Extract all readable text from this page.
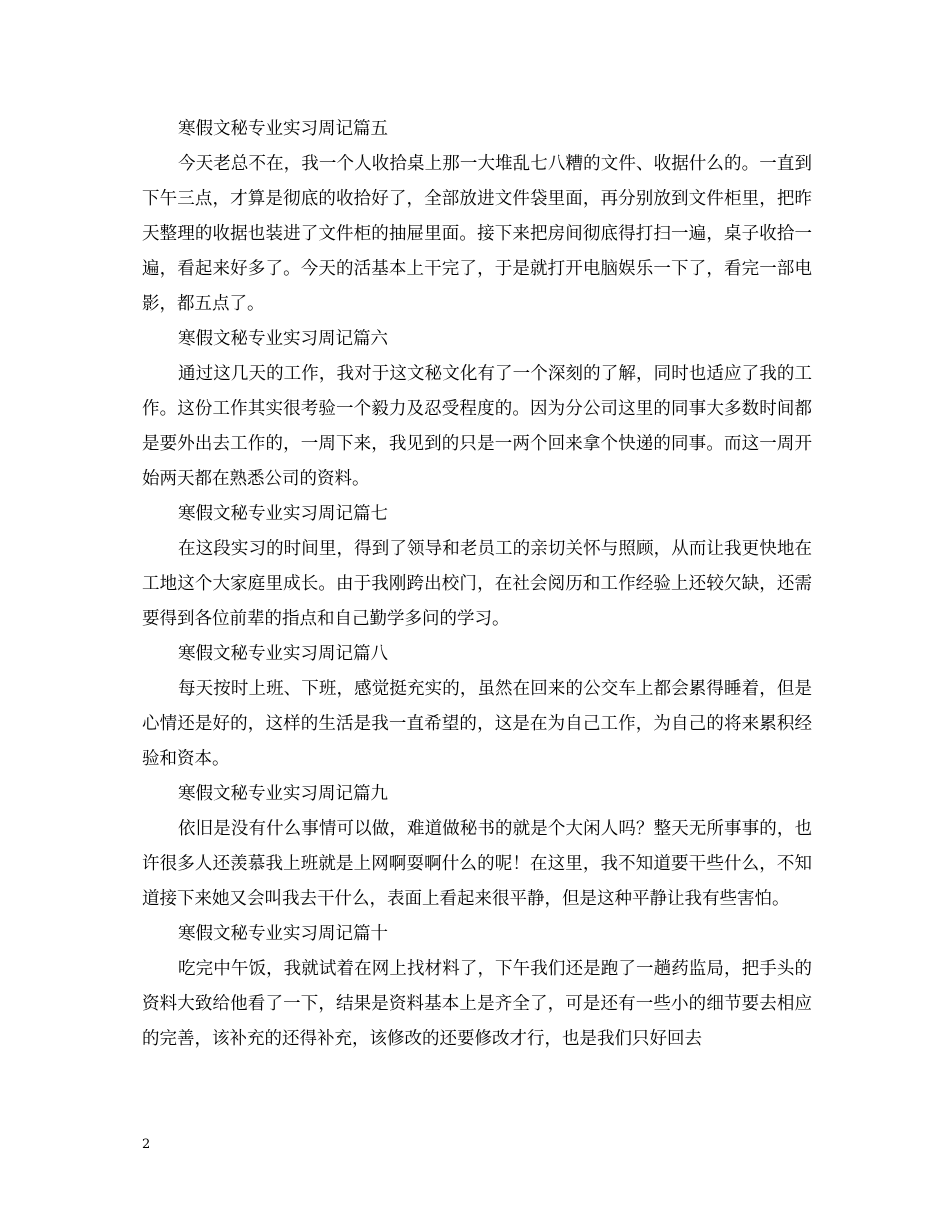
寒假文秘专业实习周记篇五

今天老总不在，我一个人收拾桌上那一大堆乱七八糟的文件、收据什么的。一直到下午三点，才算是彻底的收拾好了，全部放进文件袋里面，再分别放到文件柜里，把昨天整理的收据也装进了文件柜的抽屉里面。接下来把房间彻底得打扫一遍，桌子收拾一遍，看起来好多了。今天的活基本上干完了，于是就打开电脑娱乐一下了，看完一部电影，都五点了。

寒假文秘专业实习周记篇六

通过这几天的工作，我对于这文秘文化有了一个深刻的了解，同时也适应了我的工作。这份工作其实很考验一个毅力及忍受程度的。因为分公司这里的同事大多数时间都是要外出去工作的，一周下来，我见到的只是一两个回来拿个快递的同事。而这一周开始两天都在熟悉公司的资料。

寒假文秘专业实习周记篇七

在这段实习的时间里，得到了领导和老员工的亲切关怀与照顾，从而让我更快地在工地这个大家庭里成长。由于我刚跨出校门，在社会阅历和工作经验上还较欠缺，还需要得到各位前辈的指点和自己勤学多问的学习。

寒假文秘专业实习周记篇八

每天按时上班、下班，感觉挺充实的，虽然在回来的公交车上都会累得睡着，但是心情还是好的，这样的生活是我一直希望的，这是在为自己工作，为自己的将来累积经验和资本。

寒假文秘专业实习周记篇九

依旧是没有什么事情可以做，难道做秘书的就是个大闲人吗？整天无所事事的，也许很多人还羡慕我上班就是上网啊耍啊什么的呢！在这里，我不知道要干些什么，不知道接下来她又会叫我去干什么，表面上看起来很平静，但是这种平静让我有些害怕。

寒假文秘专业实习周记篇十

吃完中午饭，我就试着在网上找材料了，下午我们还是跑了一趟药监局，把手头的资料大致给他看了一下，结果是资料基本上是齐全了，可是还有一些小的细节要去相应的完善，该补充的还得补充，该修改的还要修改才行，也是我们只好回去

2
